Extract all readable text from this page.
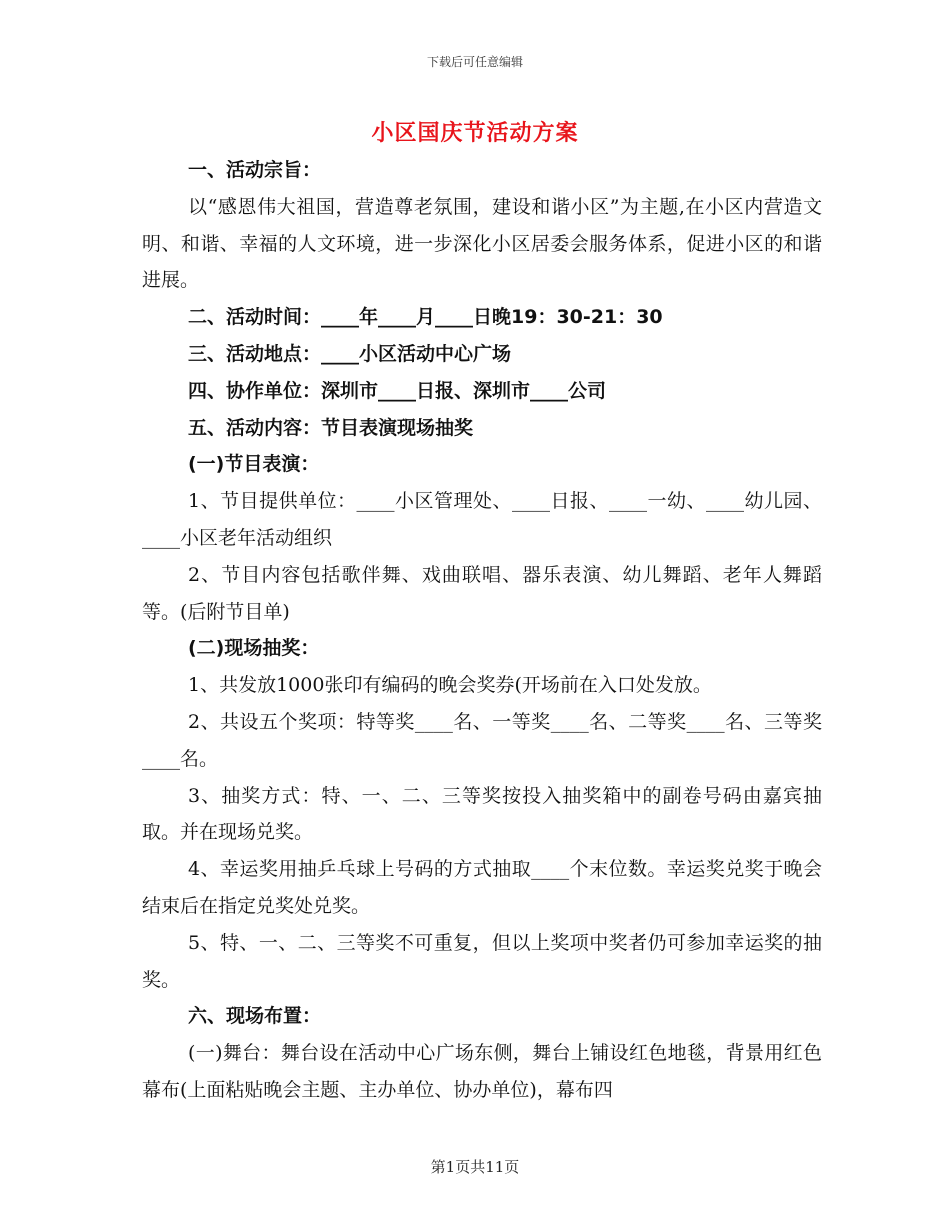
下载后可任意编辑
小区国庆节活动方案

一、活动宗旨：

以“感恩伟大祖国，营造尊老氛围，建设和谐小区”为主题,在小区内营造文明、和谐、幸福的人文环境，进一步深化小区居委会服务体系，促进小区的和谐进展。

二、活动时间：____年____月____日晚19：30-21：30

三、活动地点：____小区活动中心广场

四、协作单位：深圳市____日报、深圳市____公司

五、活动内容：节目表演现场抽奖

(一)节目表演：

1、节目提供单位：____小区管理处、____日报、____一幼、____幼儿园、____小区老年活动组织

2、节目内容包括歌伴舞、戏曲联唱、器乐表演、幼儿舞蹈、老年人舞蹈等。(后附节目单)

(二)现场抽奖：

1、共发放1000张印有编码的晚会奖券(开场前在入口处发放。

2、共设五个奖项：特等奖____名、一等奖____名、二等奖____名、三等奖____名。

3、抽奖方式：特、一、二、三等奖按投入抽奖箱中的副卷号码由嘉宾抽取。并在现场兑奖。

4、幸运奖用抽乒乓球上号码的方式抽取____个末位数。幸运奖兑奖于晚会结束后在指定兑奖处兑奖。

5、特、一、二、三等奖不可重复，但以上奖项中奖者仍可参加幸运奖的抽奖。

六、现场布置：

(一)舞台：舞台设在活动中心广场东侧，舞台上铺设红色地毯，背景用红色幕布(上面粘贴晚会主题、主办单位、协办单位)，幕布四

第1页共11页
